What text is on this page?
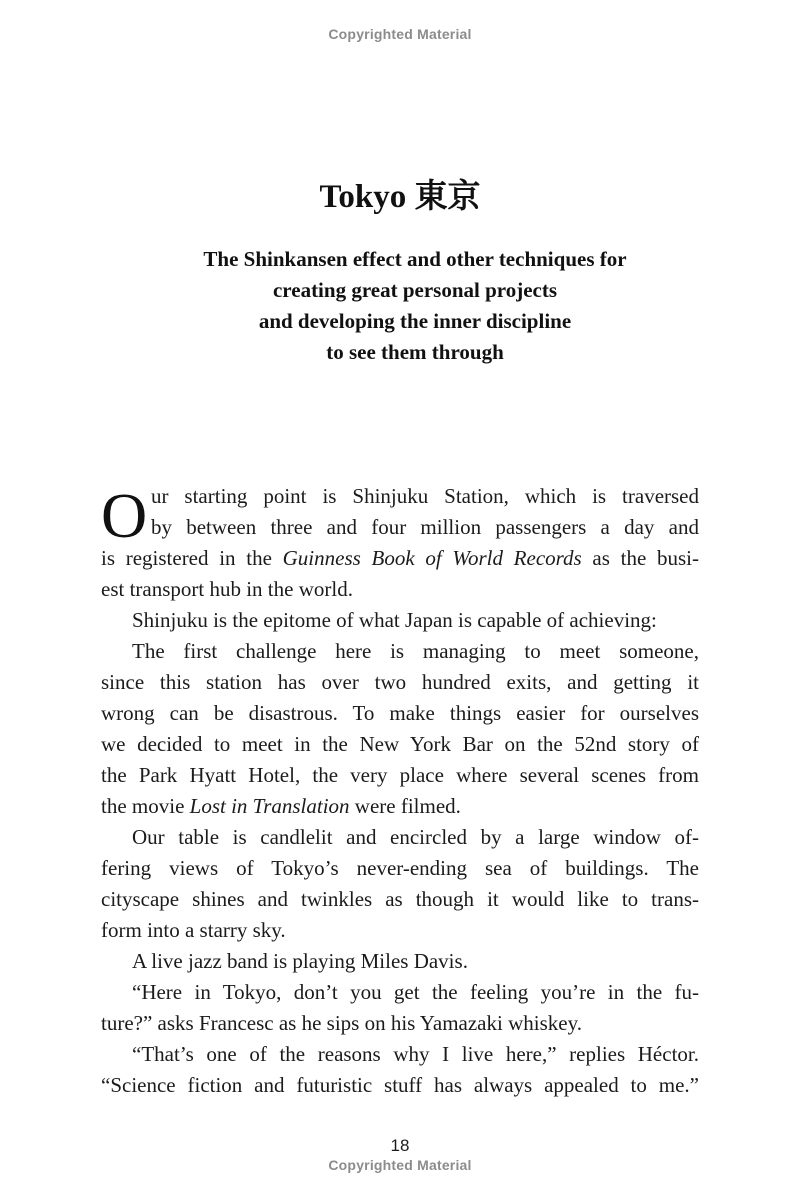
Copyrighted Material
Tokyo 東京
The Shinkansen effect and other techniques for
creating great personal projects
and developing the inner discipline
to see them through
O ur starting point is Shinjuku Station, which is traversed
by between three and four million passengers a day and
is registered in the Guinness Book of World Records as the busi-
est transport hub in the world.
Shinjuku is the epitome of what Japan is capable of achieving:
The first challenge here is managing to meet someone,
since this station has over two hundred exits, and getting it
wrong can be disastrous. To make things easier for ourselves
we decided to meet in the New York Bar on the 52nd story of
the Park Hyatt Hotel, the very place where several scenes from
the movie Lost in Translation were filmed.
Our table is candlelit and encircled by a large window of-
fering views of Tokyo’s never-ending sea of buildings. The
cityscape shines and twinkles as though it would like to trans-
form into a starry sky.
A live jazz band is playing Miles Davis.
“Here in Tokyo, don’t you get the feeling you’re in the fu-
ture?” asks Francesc as he sips on his Yamazaki whiskey.
“That’s one of the reasons why I live here,” replies Héctor.
“Science fiction and futuristic stuff has always appealed to me.”
18
Copyrighted Material
